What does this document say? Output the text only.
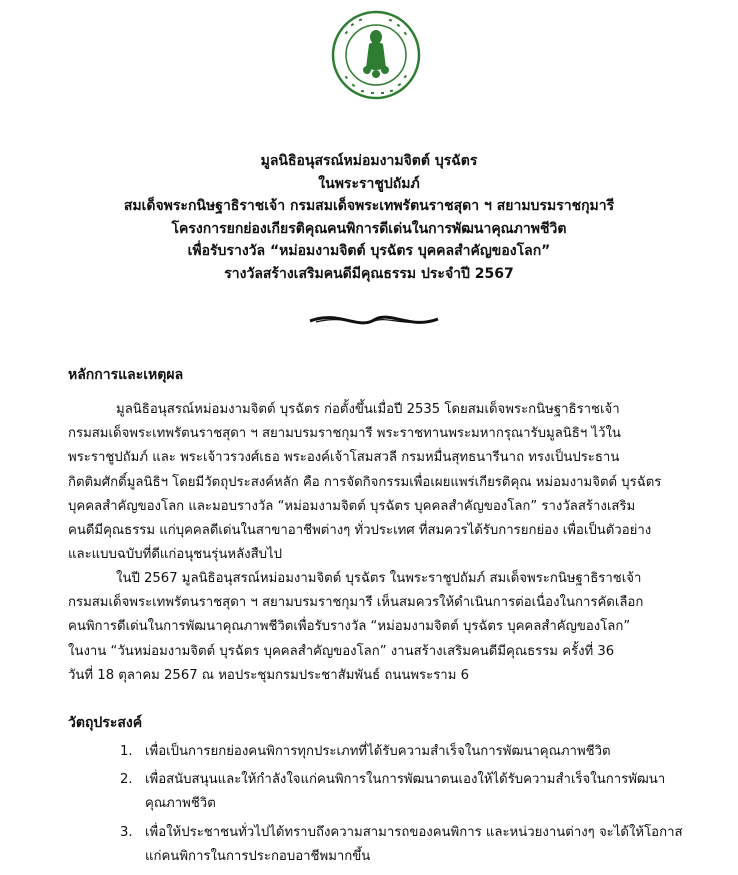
มูลนิธิอนุสรณ์หม่อมงามจิตต์ บุรฉัตร
ในพระราชูปถัมภ์
สมเด็จพระกนิษฐาธิราชเจ้า กรมสมเด็จพระเทพรัตนราชสุดา ฯ สยามบรมราชกุมารี
โครงการยกย่องเกียรติคุณคนพิการดีเด่นในการพัฒนาคุณภาพชีวิต
เพื่อรับรางวัล “หม่อมงามจิตต์ บุรฉัตร บุคคลสำคัญของโลก”
รางวัลสร้างเสริมคนดีมีคุณธรรม ประจำปี 2567
หลักการและเหตุผล
มูลนิธิอนุสรณ์หม่อมงามจิตต์ บุรฉัตร ก่อตั้งขึ้นเมื่อปี 2535 โดยสมเด็จพระกนิษฐาธิราชเจ้า
กรมสมเด็จพระเทพรัตนราชสุดา ฯ สยามบรมราชกุมารี พระราชทานพระมหากรุณารับมูลนิธิฯ ไว้ใน
พระราชูปถัมภ์ และ พระเจ้าวรวงศ์เธอ พระองค์เจ้าโสมสวลี กรมหมื่นสุทธนารีนาถ ทรงเป็นประธาน
กิตติมศักดิ์มูลนิธิฯ โดยมีวัตถุประสงค์หลัก คือ การจัดกิจกรรมเพื่อเผยแพร่เกียรติคุณ หม่อมงามจิตต์ บุรฉัตร
บุคคลสำคัญของโลก และมอบรางวัล “หม่อมงามจิตต์ บุรฉัตร บุคคลสำคัญของโลก” รางวัลสร้างเสริม
คนดีมีคุณธรรม แก่บุคคลดีเด่นในสาขาอาชีพต่างๆ ทั่วประเทศ ที่สมควรได้รับการยกย่อง เพื่อเป็นตัวอย่าง
และแบบฉบับที่ดีแก่อนุชนรุ่นหลังสืบไป
ในปี 2567 มูลนิธิอนุสรณ์หม่อมงามจิตต์ บุรฉัตร ในพระราชูปถัมภ์ สมเด็จพระกนิษฐาธิราชเจ้า
กรมสมเด็จพระเทพรัตนราชสุดา ฯ สยามบรมราชกุมารี เห็นสมควรให้ดำเนินการต่อเนื่องในการคัดเลือก
คนพิการดีเด่นในการพัฒนาคุณภาพชีวิตเพื่อรับรางวัล “หม่อมงามจิตต์ บุรฉัตร บุคคลสำคัญของโลก”
ในงาน “วันหม่อมงามจิตต์ บุรฉัตร บุคคลสำคัญของโลก” งานสร้างเสริมคนดีมีคุณธรรม ครั้งที่ 36
วันที่ 18 ตุลาคม 2567 ณ หอประชุมกรมประชาสัมพันธ์ ถนนพระราม 6
วัตถุประสงค์
1. เพื่อเป็นการยกย่องคนพิการทุกประเภทที่ได้รับความสำเร็จในการพัฒนาคุณภาพชีวิต
2. เพื่อสนับสนุนและให้กำลังใจแก่คนพิการในการพัฒนาตนเองให้ได้รับความสำเร็จในการพัฒนา
คุณภาพชีวิต
3. เพื่อให้ประชาชนทั่วไปได้ทราบถึงความสามารถของคนพิการ และหน่วยงานต่างๆ จะได้ให้โอกาส
แก่คนพิการในการประกอบอาชีพมากขึ้น
